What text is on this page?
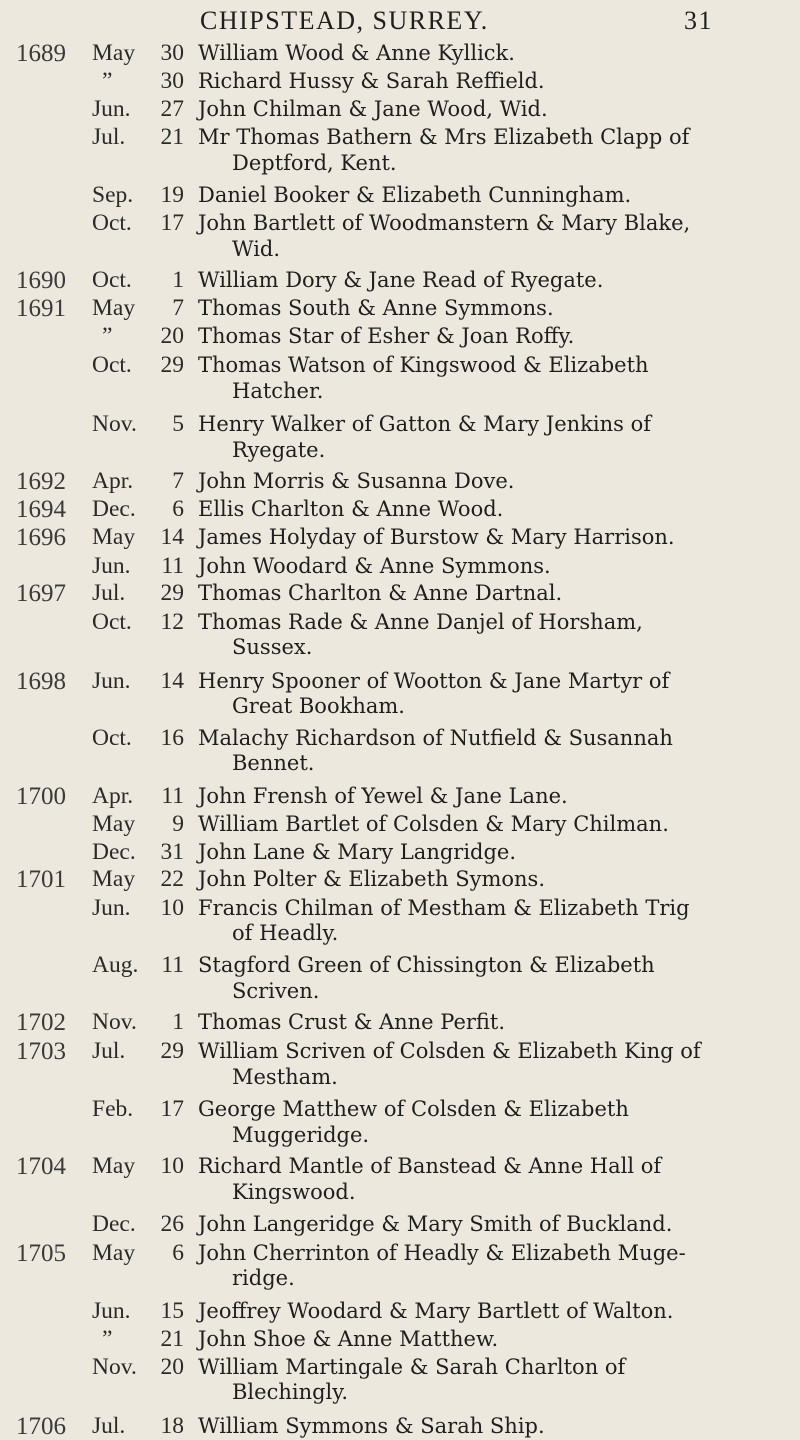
CHIPSTEAD, SURREY.	31
1689	May	30 William Wood & Anne Kyllick.
”	30 Richard Hussy & Sarah Reffield.
Jun.	27 John Chilman & Jane Wood, Wid.
Jul.	21 Mr Thomas Bathern & Mrs Elizabeth Clapp of
Deptford, Kent.
Sep.	19 Daniel Booker & Elizabeth Cunningham.
Oct.	17 John Bartlett of Woodmanstern & Mary Blake,
Wid.
1690	Oct.	1 William Dory & Jane Read of Ryegate.
1691	May	7 Thomas South & Anne Symmons.
”	20 Thomas Star of Esher & Joan Roffy.
Oct.	29 Thomas Watson of Kingswood & Elizabeth
Hatcher.
Nov.	5 Henry Walker of Gatton & Mary Jenkins of
Ryegate.
1692	Apr.	7 John Morris & Susanna Dove.
1694	Dec.	6 Ellis Charlton & Anne Wood.
1696	May	14 James Holyday of Burstow & Mary Harrison.
Jun.	11 John Woodard & Anne Symmons.
1697	Jul.	29 Thomas Charlton & Anne Dartnal.
Oct.	12 Thomas Rade & Anne Danjel of Horsham,
Sussex.
1698	Jun.	14 Henry Spooner of Wootton & Jane Martyr of
Great Bookham.
Oct.	16 Malachy Richardson of Nutfield & Susannah
Bennet.
1700	Apr.	11 John Frensh of Yewel & Jane Lane.
May	9 William Bartlet of Colsden & Mary Chilman.
Dec.	31 John Lane & Mary Langridge.
1701	May	22 John Polter & Elizabeth Symons.
Jun.	10 Francis Chilman of Mestham & Elizabeth Trig
of Headly.
Aug. 11 Stagford Green of Chissington & Elizabeth
Scriven.
1702	Nov.	1 Thomas Crust & Anne Perfit.
1703	Jul.	29 William Scriven of Colsden & Elizabeth King of
Mestham.
Feb.	17 George Matthew of Colsden & Elizabeth
Muggeridge.
1704	May	10 Richard Mantle of Banstead & Anne Hall of
Kingswood.
Dec.	26 John Langeridge & Mary Smith of Buckland.
1705	May	6 John Cherrinton of Headly & Elizabeth Muge-
ridge.
Jun.	15 Jeoffrey Woodard & Mary Bartlett of Walton.
”	21 John Shoe & Anne Matthew.
Nov.	20 William Martingale & Sarah Charlton of
Blechingly.
1706	Jul.	18 William Symmons & Sarah Ship.
